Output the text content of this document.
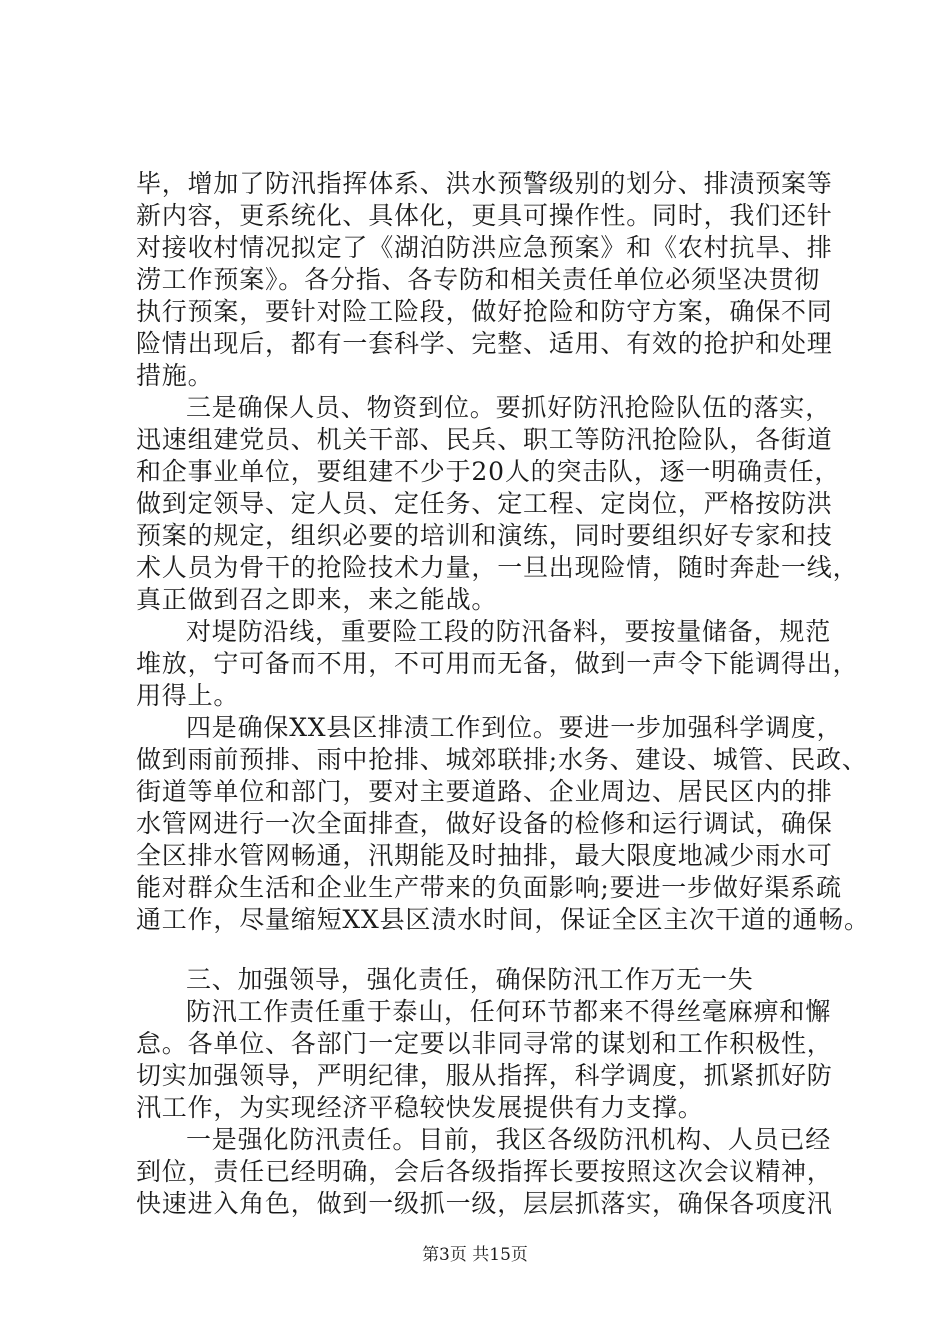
毕，增加了防汛指挥体系、洪水预警级别的划分、排渍预案等
新内容，更系统化、具体化，更具可操作性。同时，我们还针
对接收村情况拟定了《湖泊防洪应急预案》和《农村抗旱、排
涝工作预案》。各分指、各专防和相关责任单位必须坚决贯彻
执行预案，要针对险工险段，做好抢险和防守方案，确保不同
险情出现后，都有一套科学、完整、适用、有效的抢护和处理
措施。
三是确保人员、物资到位。要抓好防汛抢险队伍的落实，
迅速组建党员、机关干部、民兵、职工等防汛抢险队，各街道
和企事业单位，要组建不少于20人的突击队，逐一明确责任，
做到定领导、定人员、定任务、定工程、定岗位，严格按防洪
预案的规定，组织必要的培训和演练，同时要组织好专家和技
术人员为骨干的抢险技术力量，一旦出现险情，随时奔赴一线，
真正做到召之即来，来之能战。
对堤防沿线，重要险工段的防汛备料，要按量储备，规范
堆放，宁可备而不用，不可用而无备，做到一声令下能调得出，
用得上。
四是确保XX县区排渍工作到位。要进一步加强科学调度，
做到雨前预排、雨中抢排、城郊联排;水务、建设、城管、民政、
街道等单位和部门，要对主要道路、企业周边、居民区内的排
水管网进行一次全面排查，做好设备的检修和运行调试，确保
全区排水管网畅通，汛期能及时抽排，最大限度地减少雨水可
能对群众生活和企业生产带来的负面影响;要进一步做好渠系疏
通工作，尽量缩短XX县区渍水时间，保证全区主次干道的通畅。
三、加强领导，强化责任，确保防汛工作万无一失
防汛工作责任重于泰山，任何环节都来不得丝毫麻痹和懈
怠。各单位、各部门一定要以非同寻常的谋划和工作积极性，
切实加强领导，严明纪律，服从指挥，科学调度，抓紧抓好防
汛工作，为实现经济平稳较快发展提供有力支撑。
一是强化防汛责任。目前，我区各级防汛机构、人员已经
到位，责任已经明确，会后各级指挥长要按照这次会议精神，
快速进入角色，做到一级抓一级，层层抓落实，确保各项度汛
第3页 共15页
